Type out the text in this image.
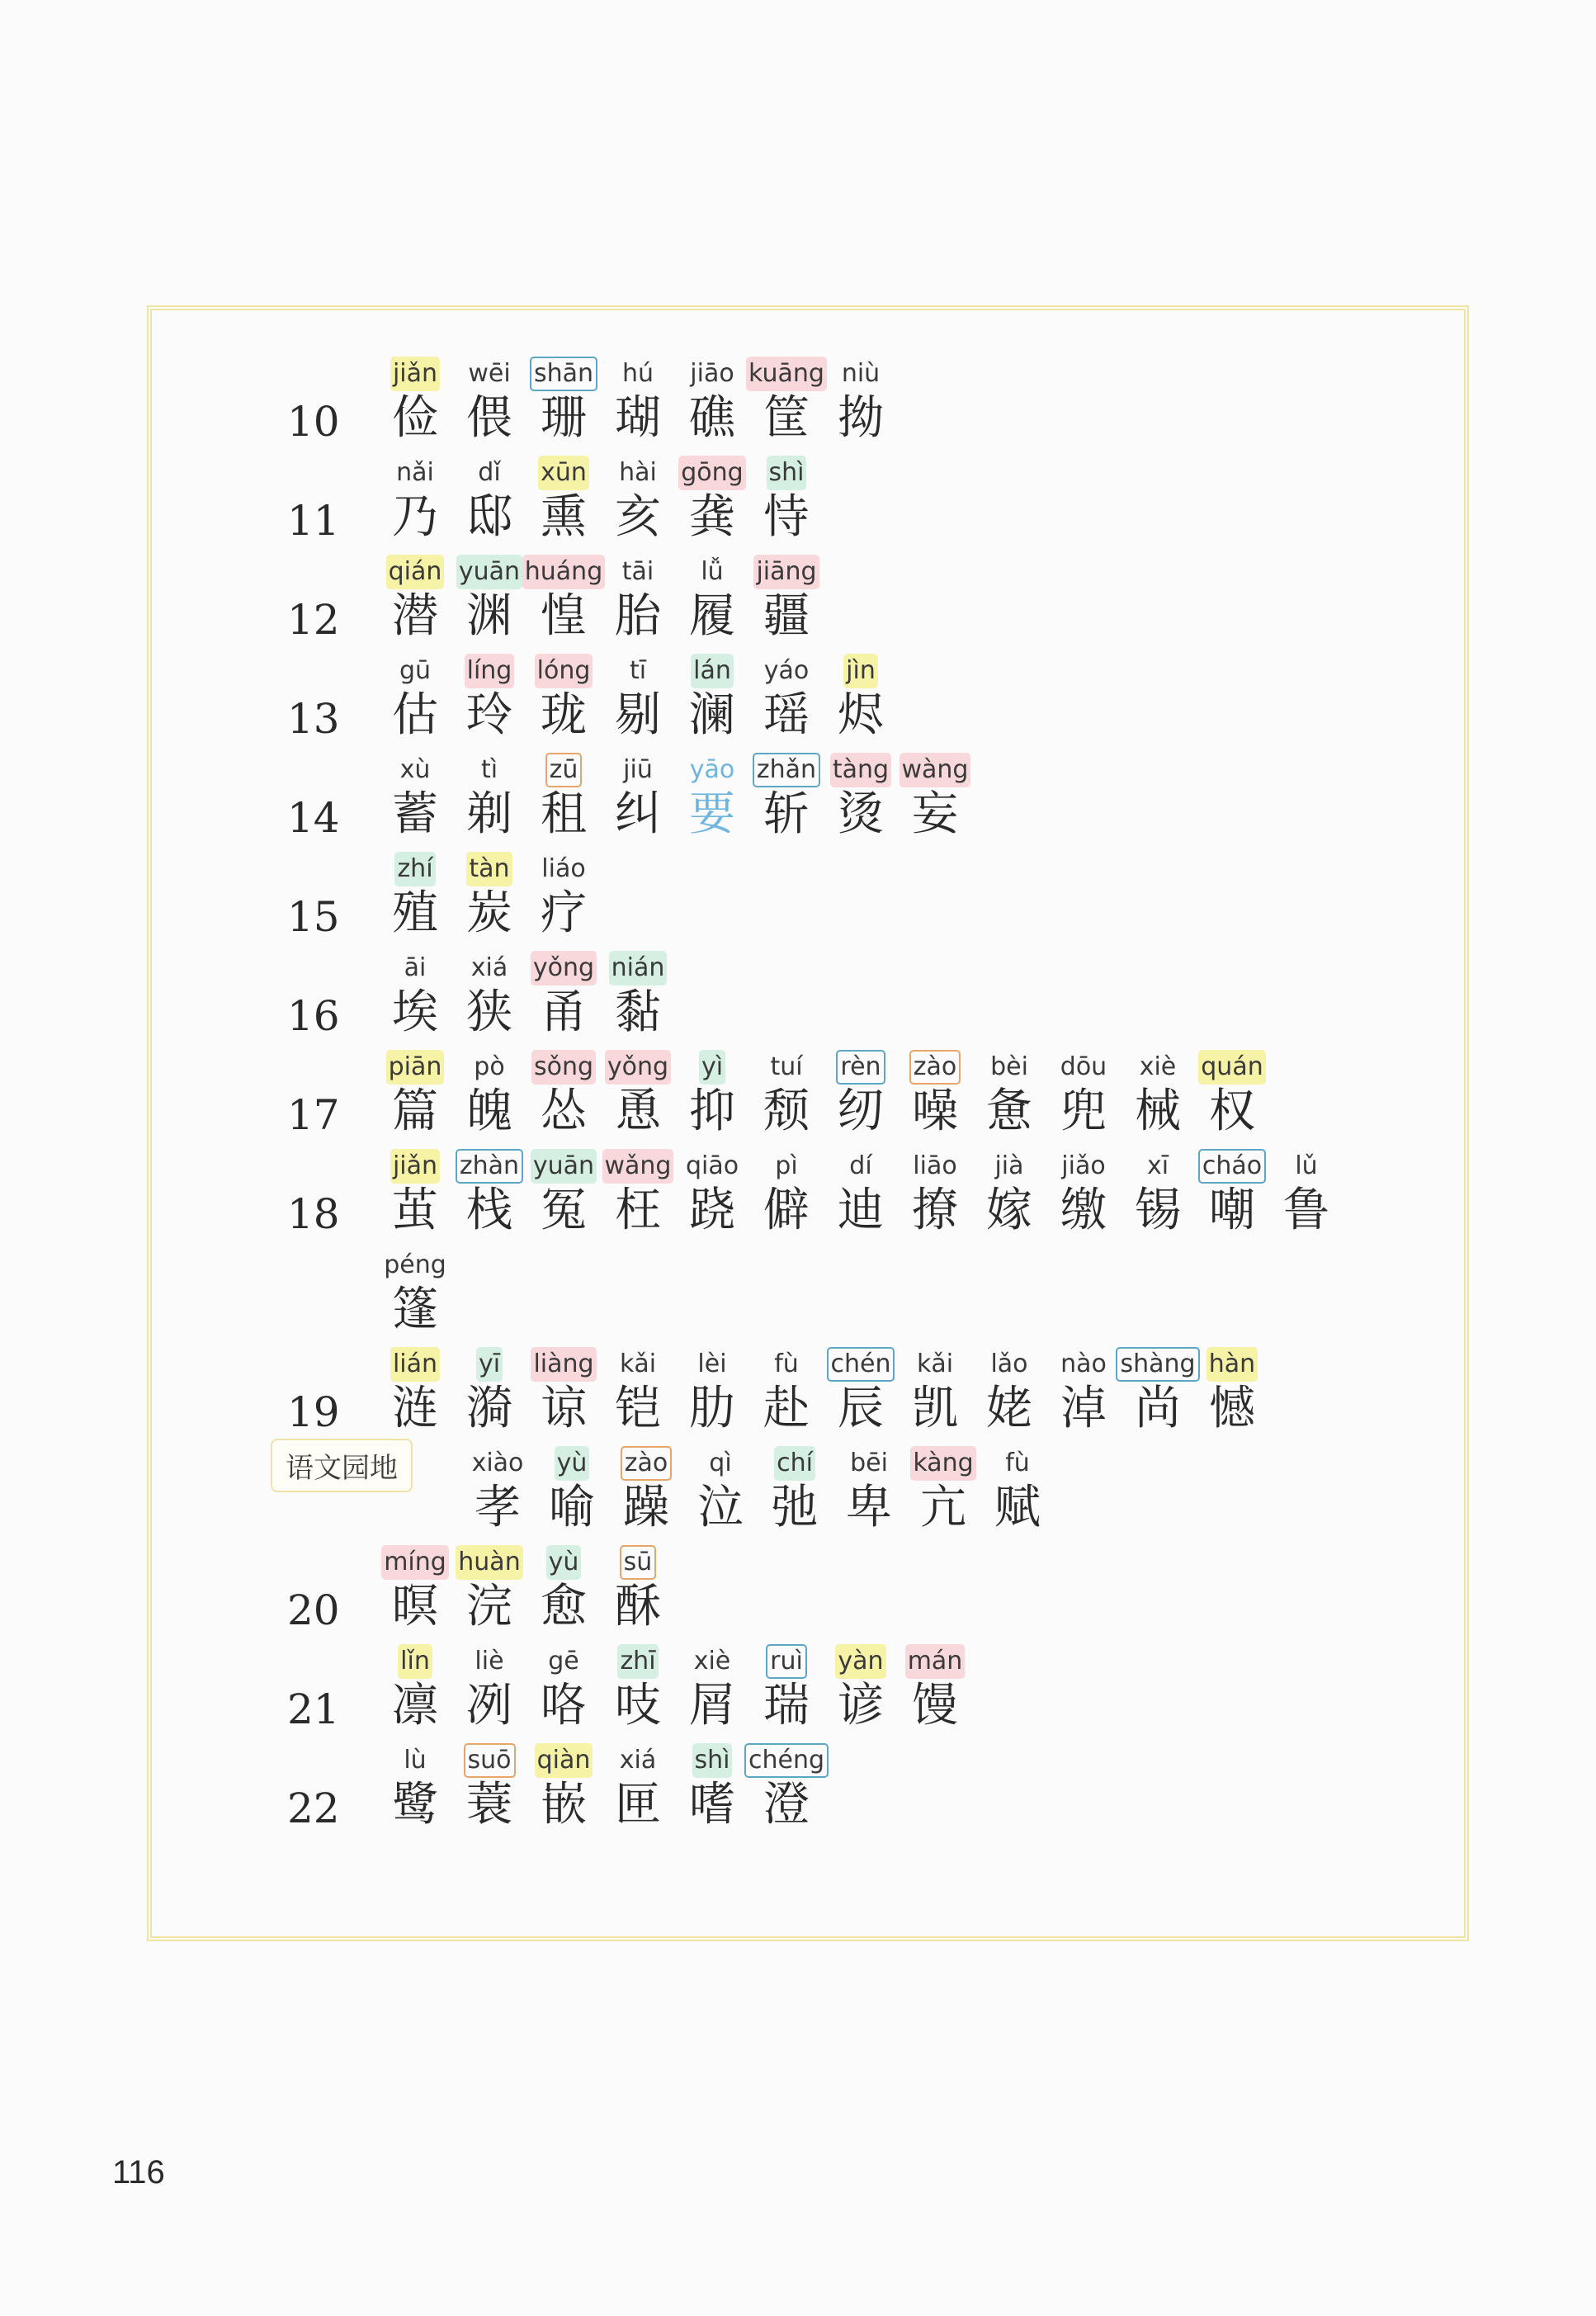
10
jiǎn
俭
wēi
偎
shān
珊
hú
瑚
jiāo
礁
kuāng
筐
niù
拗
11
nǎi
乃
dǐ
邸
xūn
熏
hài
亥
gōng
龚
shì
恃
12
qián
潜
yuān
渊
huáng
惶
tāi
胎
lǚ
履
jiāng
疆
13
gū
估
líng
玲
lóng
珑
tī
剔
lán
澜
yáo
瑶
jìn
烬
14
xù
蓄
tì
剃
zū
租
jiū
纠
yāo
要
zhǎn
斩
tàng
烫
wàng
妄
15
zhí
殖
tàn
炭
liáo
疗
16
āi
埃
xiá
狭
yǒng
甬
nián
黏
17
piān
篇
pò
魄
sǒng
怂
yǒng
恿
yì
抑
tuí
颓
rèn
纫
zào
噪
bèi
惫
dōu
兜
xiè
械
quán
权
18
jiǎn
茧
zhàn
栈
yuān
冤
wǎng
枉
qiāo
跷
pì
僻
dí
迪
liāo
撩
jià
嫁
jiǎo
缴
xī
锡
cháo
嘲
lǔ
鲁
péng
篷
19
lián
涟
yī
漪
liàng
谅
kǎi
铠
lèi
肋
fù
赴
chén
辰
kǎi
凯
lǎo
姥
nào
淖
shàng
尚
hàn
憾
语文园地	xiào
孝
yù
喻
zào
躁
qì
泣
chí
弛
bēi
卑
kàng
亢
fù
赋
20
míng
暝
huàn
浣
yù
愈
sū
酥
21
lǐn
凛
liè
冽
gē
咯
zhī
吱
xiè
屑
ruì
瑞
yàn
谚
mán
馒
22
lù
鹭
suō
蓑
qiàn
嵌
xiá
匣
shì
嗜
chéng
澄
116
